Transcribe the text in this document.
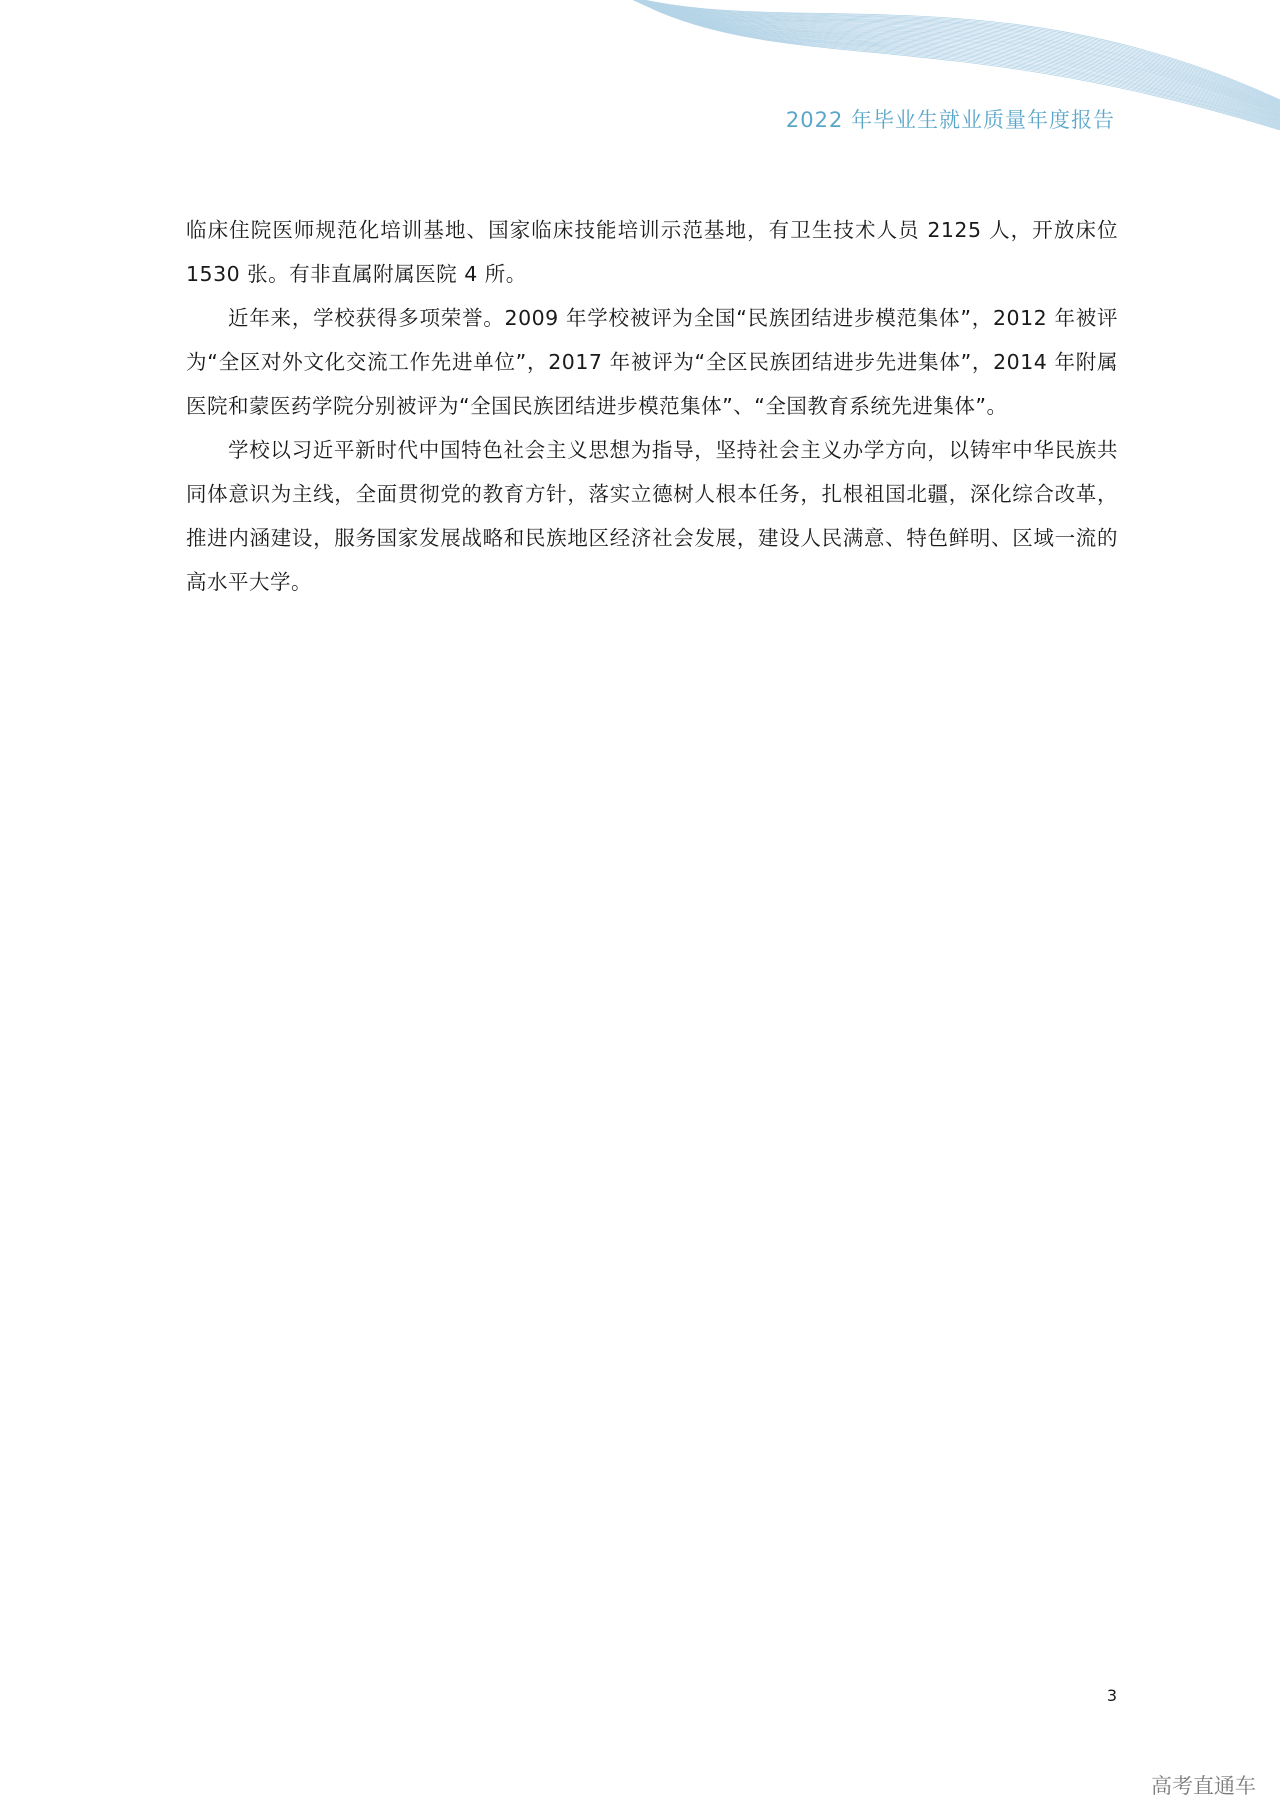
2022 年毕业生就业质量年度报告

临床住院医师规范化培训基地、国家临床技能培训示范基地，有卫生技术人员 2125 人，开放床位 1530 张。有非直属附属医院 4 所。

近年来，学校获得多项荣誉。2009 年学校被评为全国“民族团结进步模范集体”，2012 年被评为“全区对外文化交流工作先进单位”，2017 年被评为“全区民族团结进步先进集体”，2014 年附属医院和蒙医药学院分别被评为“全国民族团结进步模范集体”、“全国教育系统先进集体”。

学校以习近平新时代中国特色社会主义思想为指导，坚持社会主义办学方向，以铸牢中华民族共同体意识为主线，全面贯彻党的教育方针，落实立德树人根本任务，扎根祖国北疆，深化综合改革，推进内涵建设，服务国家发展战略和民族地区经济社会发展，建设人民满意、特色鲜明、区域一流的高水平大学。

3
高考直通车
